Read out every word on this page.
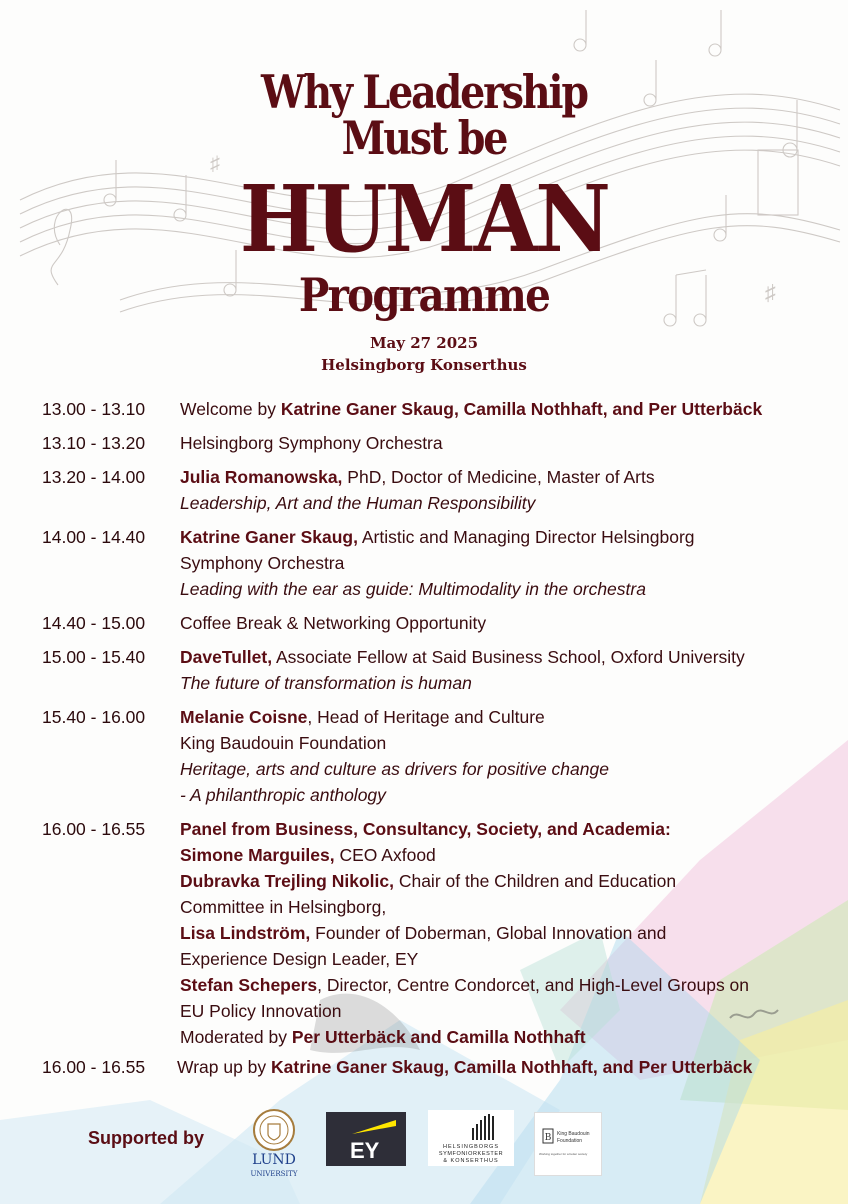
♯
♯
Why Leadership
Must be
HUMAN
Programme
May 27 2025
Helsingborg Konserthus
13.00 - 13.10 Welcome by Katrine Ganer Skaug, Camilla Nothhaft, and Per Utterbäck
13.10 - 13.20 Helsingborg Symphony Orchestra
13.20 - 14.00 Julia Romanowska, PhD, Doctor of Medicine, Master of Arts
Leadership, Art and the Human Responsibility
14.00 - 14.40 Katrine Ganer Skaug, Artistic and Managing Director Helsingborg
Symphony Orchestra
Leading with the ear as guide: Multimodality in the orchestra
14.40 - 15.00 Coffee Break & Networking Opportunity
15.00 - 15.40 DaveTullet, Associate Fellow at Said Business School, Oxford University
The future of transformation is human
15.40 - 16.00 Melanie Coisne, Head of Heritage and Culture
King Baudouin Foundation
Heritage, arts and culture as drivers for positive change
- A philanthropic anthology
16.00 - 16.55 Panel from Business, Consultancy, Society, and Academia:
Simone Marguiles, CEO Axfood
Dubravka Trejling Nikolic, Chair of the Children and Education
Committee in Helsingborg,
Lisa Lindström, Founder of Doberman, Global Innovation and
Experience Design Leader, EY
Stefan Schepers, Director, Centre Condorcet, and High-Level Groups on
EU Policy Innovation
Moderated by Per Utterbäck and Camilla Nothhaft
16.00 - 16.55 Wrap up by Katrine Ganer Skaug, Camilla Nothhaft, and Per Utterbäck
Supported by
LUND
UNIVERSITY
EY	HELSINGBORGS
SYMFONIORKESTER
& KONSERTHUS
B King Baudouin
Foundation
Working together for a better society
